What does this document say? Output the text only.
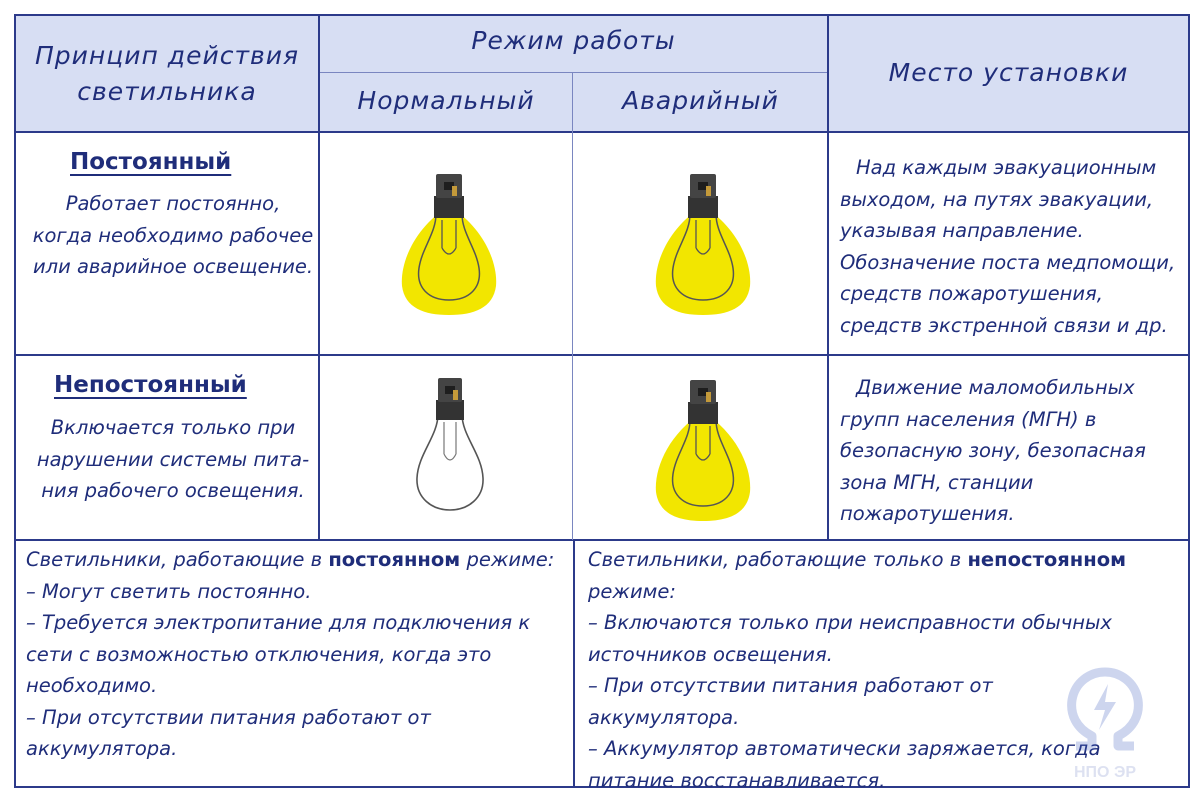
Принцип действия
светильника
Режим работы
Нормальный	Аварийный
Место установки
Постоянный
Работает постоянно,
когда необходимо рабочее
или аварийное освещение.
Над каждым эвакуационным
выходом, на путях эвакуации,
указывая направление.
Обозначение поста медпомощи,
средств пожаротушения,
средств экстренной связи и др.
Непостоянный
Включается только при
нарушении системы пита-
ния рабочего освещения.
Движение маломобильных
групп населения (МГН) в
безопасную зону, безопасная
зона МГН, станции
пожаротушения.
Светильники, работающие в постоянном режиме:
– Могут светить постоянно.
– Требуется электропитание для подключения к
сети с возможностью отключения, когда это
необходимо.
– При отсутствии питания работают от
аккумулятора.
Светильники, работающие только в непостоянном
режиме:
– Включаются только при неисправности обычных
источников освещения.
– При отсутствии питания работают от
аккумулятора.
– Аккумулятор автоматически заряжается, когда
питание восстанавливается.	НПО ЭР
